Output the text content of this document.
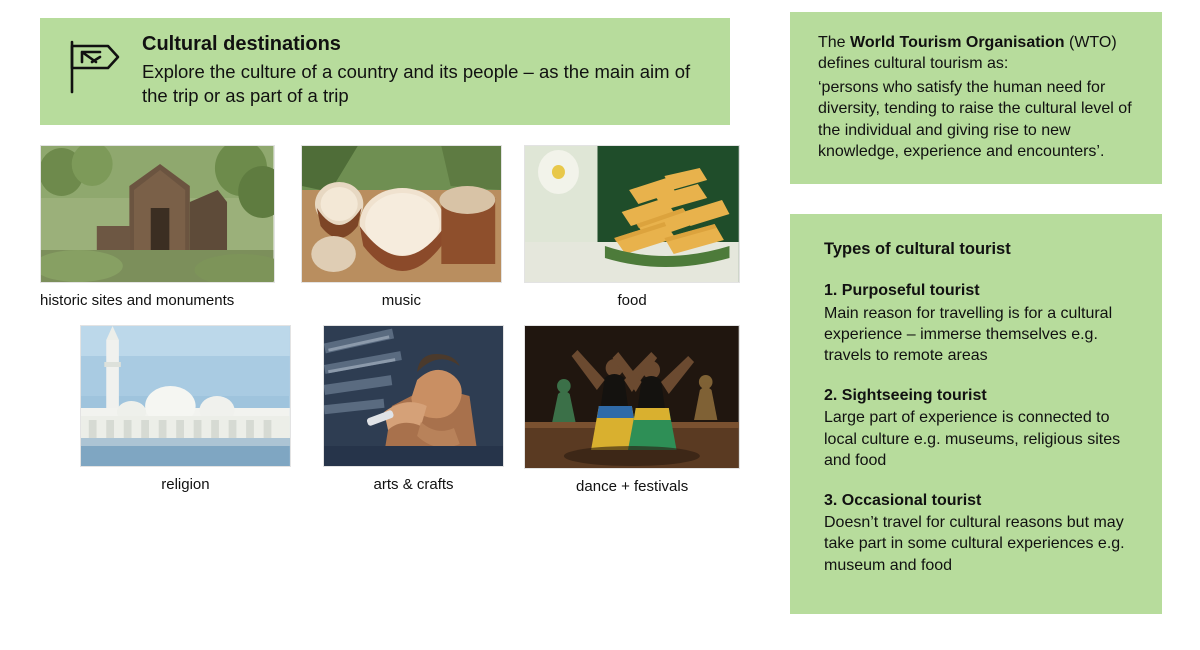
Cultural destinations
Explore the culture of a country and its people – as the main aim of the trip or as part of a trip
historic sites and monuments	music	food
religion	arts & crafts	dance + festivals
The World Tourism Organisation (WTO) defines cultural tourism as:
‘persons who satisfy the human need for diversity, tending to raise the cultural level of the individual and giving rise to new knowledge, experience and encounters’.
Types of cultural tourist
1. Purposeful tourist
Main reason for travelling is for a cultural experience – immerse themselves e.g. travels to remote areas
2. Sightseeing tourist
Large part of experience is connected to local culture e.g. museums, religious sites and food
3. Occasional tourist
Doesn’t travel for cultural reasons but may take part in some cultural experiences e.g. museum and food
